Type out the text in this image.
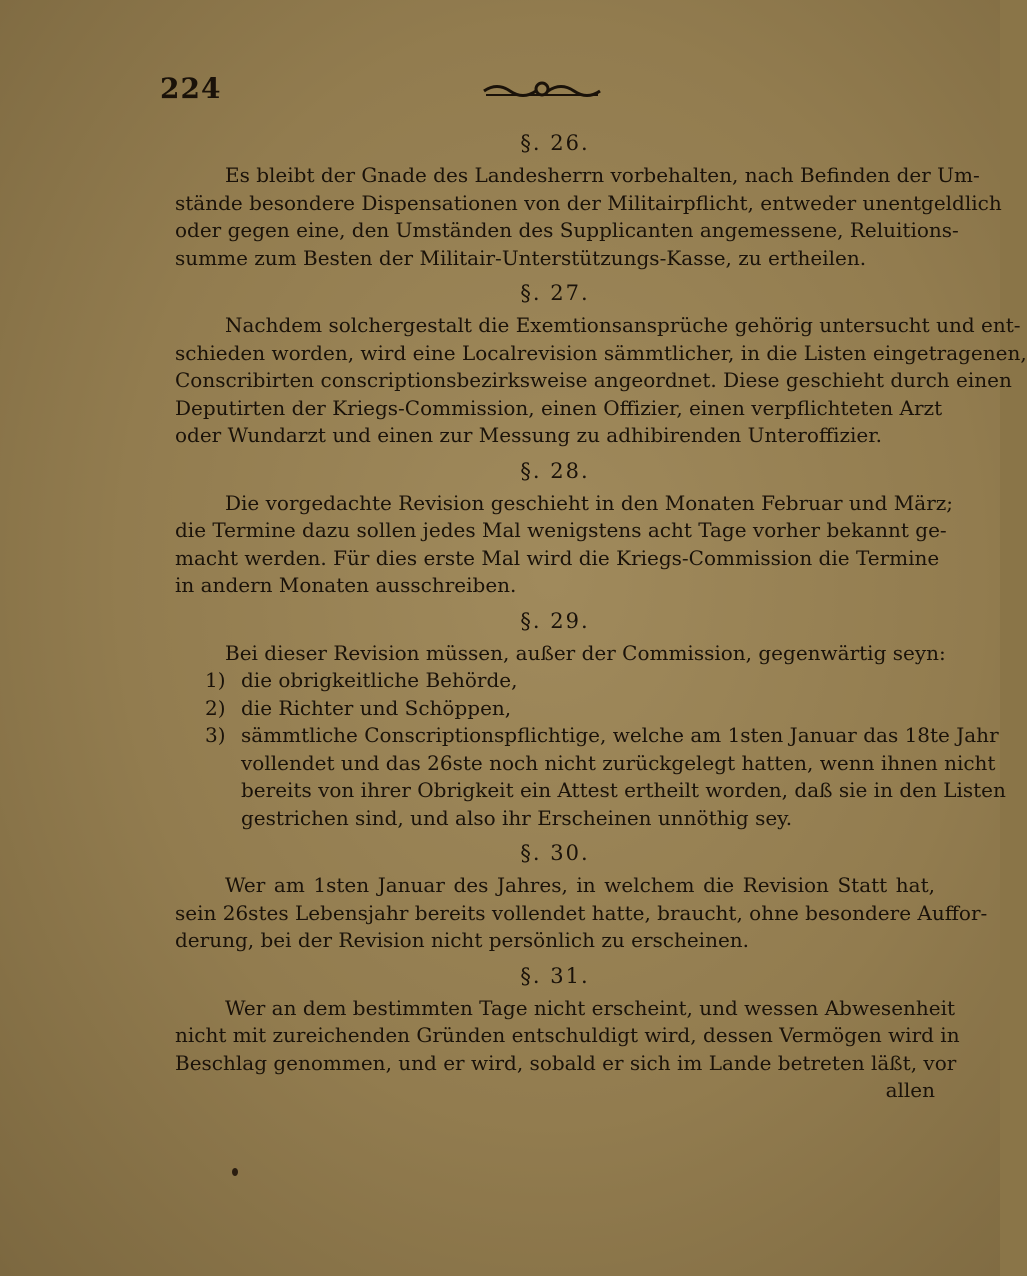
224
§. 26.
Es bleibt der Gnade des Landesherrn vorbehalten, nach Befinden der Um-
stände besondere Dispensationen von der Militairpflicht, entweder unentgeldlich
oder gegen eine, den Umständen des Supplicanten angemessene, Reluitions-
summe zum Besten der Militair-Unterstützungs-Kasse, zu ertheilen.
§. 27.
Nachdem solchergestalt die Exemtionsansprüche gehörig untersucht und ent-
schieden worden, wird eine Localrevision sämmtlicher, in die Listen eingetragenen,
Conscribirten conscriptionsbezirksweise angeordnet. Diese geschieht durch einen
Deputirten der Kriegs-Commission, einen Offizier, einen verpflichteten Arzt
oder Wundarzt und einen zur Messung zu adhibirenden Unteroffizier.
§. 28.
Die vorgedachte Revision geschieht in den Monaten Februar und März;
die Termine dazu sollen jedes Mal wenigstens acht Tage vorher bekannt ge-
macht werden. Für dies erste Mal wird die Kriegs-Commission die Termine
in andern Monaten ausschreiben.
§. 29.
Bei dieser Revision müssen, außer der Commission, gegenwärtig seyn:
1) die obrigkeitliche Behörde,
2) die Richter und Schöppen,
3) sämmtliche Conscriptionspflichtige, welche am 1sten Januar das 18te Jahr
vollendet und das 26ste noch nicht zurückgelegt hatten, wenn ihnen nicht
bereits von ihrer Obrigkeit ein Attest ertheilt worden, daß sie in den Listen
gestrichen sind, und also ihr Erscheinen unnöthig sey.
§. 30.
Wer am 1sten Januar des Jahres, in welchem die Revision Statt hat,
sein 26stes Lebensjahr bereits vollendet hatte, braucht, ohne besondere Auffor-
derung, bei der Revision nicht persönlich zu erscheinen.
§. 31.
Wer an dem bestimmten Tage nicht erscheint, und wessen Abwesenheit
nicht mit zureichenden Gründen entschuldigt wird, dessen Vermögen wird in
Beschlag genommen, und er wird, sobald er sich im Lande betreten läßt, vor
allen
